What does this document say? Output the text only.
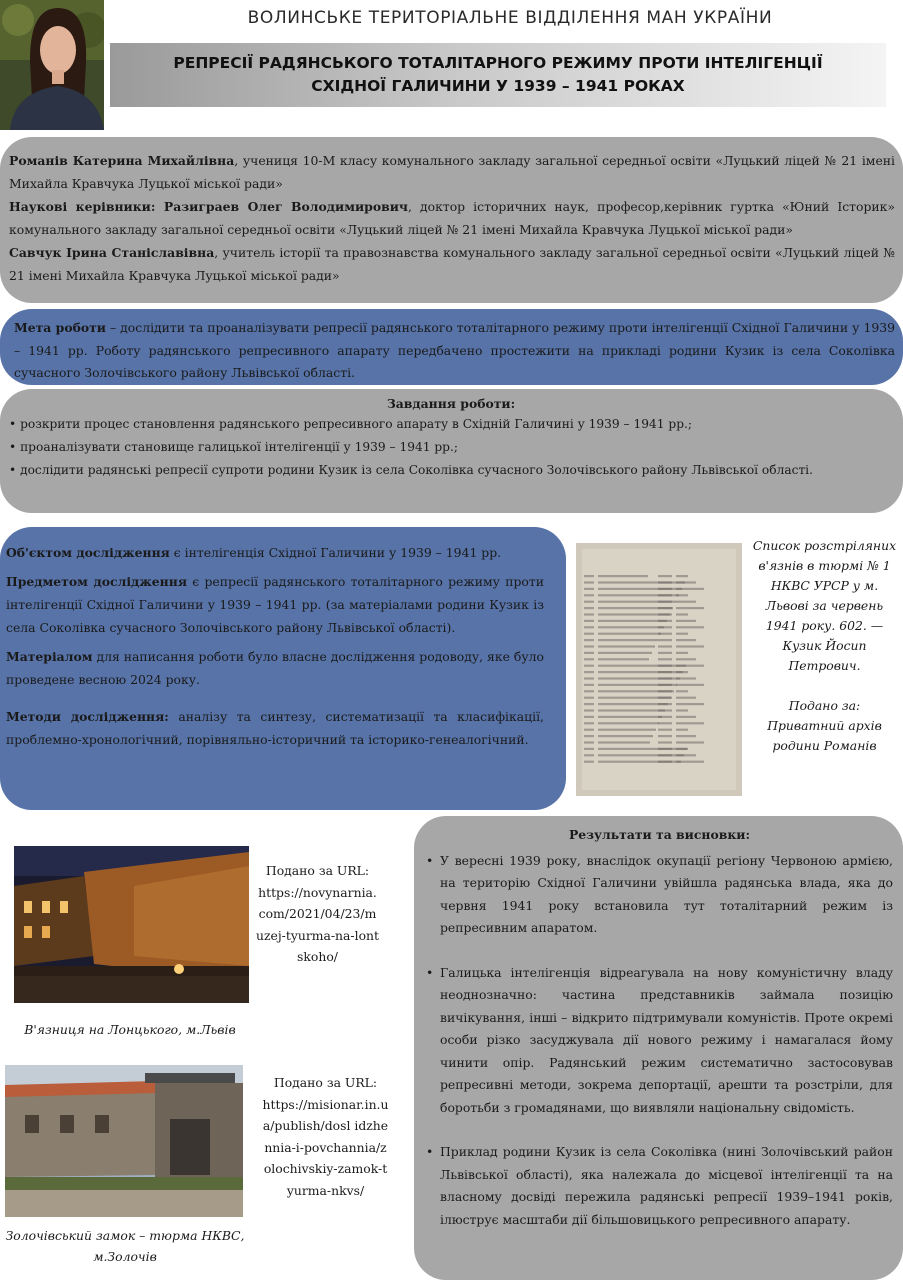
ВОЛИНСЬКЕ ТЕРИТОРІАЛЬНЕ ВІДДІЛЕННЯ МАН УКРАЇНИ
РЕПРЕСІЇ РАДЯНСЬКОГО ТОТАЛІТАРНОГО РЕЖИМУ ПРОТИ ІНТЕЛІГЕНЦІЇ СХІДНОЇ ГАЛИЧИНИ У 1939 – 1941 РОКАХ

Романів Катерина Михайлівна, учениця 10-М класу комунального закладу загальної середньої освіти «Луцький ліцей № 21 імені Михайла Кравчука Луцької міської ради»

Наукові керівники: Разиграев Олег Володимирович, доктор історичних наук, професор,керівник гуртка «Юний Історик» комунального закладу загальної середньої освіти «Луцький ліцей № 21 імені Михайла Кравчука Луцької міської ради»

Савчук Ірина Станіславівна, учитель історії та правознавства комунального закладу загальної середньої освіти «Луцький ліцей № 21 імені Михайла Кравчука Луцької міської ради»

Мета роботи – дослідити та проаналізувати репресії радянського тоталітарного режиму проти інтелігенції Східної Галичини у 1939 – 1941 рр. Роботу радянського репресивного апарату передбачено простежити на прикладі родини Кузик із села Соколівка сучасного Золочівського району Львівської області.
Завдання роботи:
• розкрити процес становлення радянського репресивного апарату в Східній Галичині у 1939 – 1941 рр.;
• проаналізувати становище галицької інтелігенції у 1939 – 1941 рр.;
• дослідити радянські репресії супроти родини Кузик із села Соколівка сучасного Золочівського району Львівської області.

Об'єктом дослідження є інтелігенція Східної Галичини у 1939 – 1941 рр.

Предметом дослідження є репресії радянського тоталітарного режиму проти інтелігенції Східної Галичини у 1939 – 1941 рр. (за матеріалами родини Кузик із села Соколівка сучасного Золочівського району Львівської області).

Матеріалом для написання роботи було власне дослідження родоводу, яке було проведене весною 2024 року.

Методи дослідження: аналізу та синтезу, систематизації та класифікації, проблемно-хронологічний, порівняльно-історичний та історико-генеалогічний.

Список розстріляних в'язнів в тюрмі № 1 НКВС УРСР у м. Львові за червень 1941 року. 602. — Кузик Йосип Петрович.
Подано за: Приватний архів родини Романів
Подано за URL:
https://novynarnia.com/2021/04/23/muzej-tyurma-na-lontskoho/
В'язниця на Лонцького, м.Львів
Подано за URL:
https://misionar.in.ua/publish/dosl idzhennia-i-povchannia/zolochivskiy-zamok-tyurma-nkvs/
Золочівський замок – тюрма НКВС, м.Золочів
Результати та висновки:
• У вересні 1939 року, внаслідок окупації регіону Червоною армією, на територію Східної Галичини увійшла радянська влада, яка до червня 1941 року встановила тут тоталітарний режим із репресивним апаратом.
• Галицька інтелігенція відреагувала на нову комуністичну владу неоднозначно: частина представників займала позицію вичікування, інші – відкрито підтримували комуністів. Проте окремі особи різко засуджувала дії нового режиму і намагалася йому чинити опір. Радянський режим систематично застосовував репресивні методи, зокрема депортації, арешти та розстріли, для боротьби з громадянами, що виявляли національну свідомість.
• Приклад родини Кузик із села Соколівка (нині Золочівський район Львівської області), яка належала до місцевої інтелігенції та на власному досвіді пережила радянські репресії 1939–1941 років, ілюструє масштаби дії більшовицького репресивного апарату.
